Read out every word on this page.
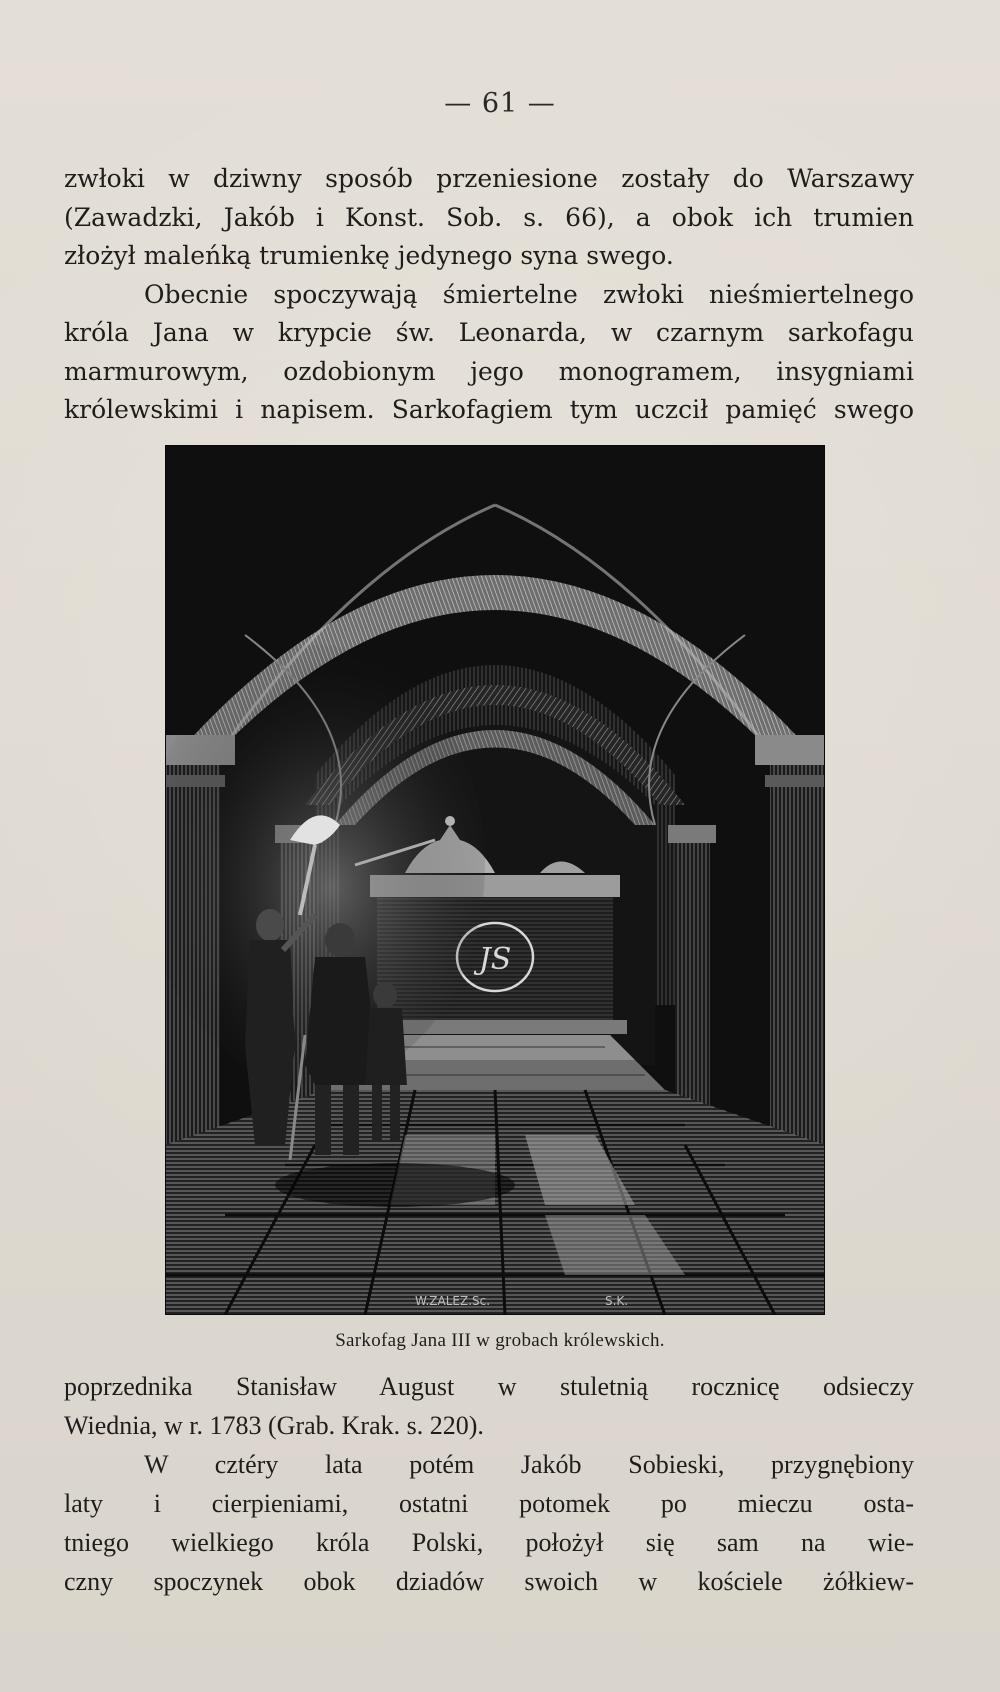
— 61 —
zwłoki w dziwny sposób przeniesione zostały do Warszawy
(Zawadzki, Jakób i Konst. Sob. s. 66), a obok ich trumien
złożył maleńką trumienkę jedynego syna swego.
Obecnie spoczywają śmiertelne zwłoki nieśmiertelnego
króla Jana w krypcie św. Leonarda, w czarnym sarkofagu
marmurowym, ozdobionym jego monogramem, insygniami
królewskimi i napisem. Sarkofagiem tym uczcił pamięć swego
JS
W.ZALEZ.Sc.	S.K.
Sarkofag Jana III w grobach królewskich.
poprzednika Stanisław August w stuletnią rocznicę odsieczy
Wiednia, w r. 1783 (Grab. Krak. s. 220).
W cztéry lata potém Jakób Sobieski, przygnębiony
laty i cierpieniami, ostatni potomek po mieczu osta-
tniego wielkiego króla Polski, położył się sam na wie-
czny spoczynek obok dziadów swoich w kościele żółkiew-
